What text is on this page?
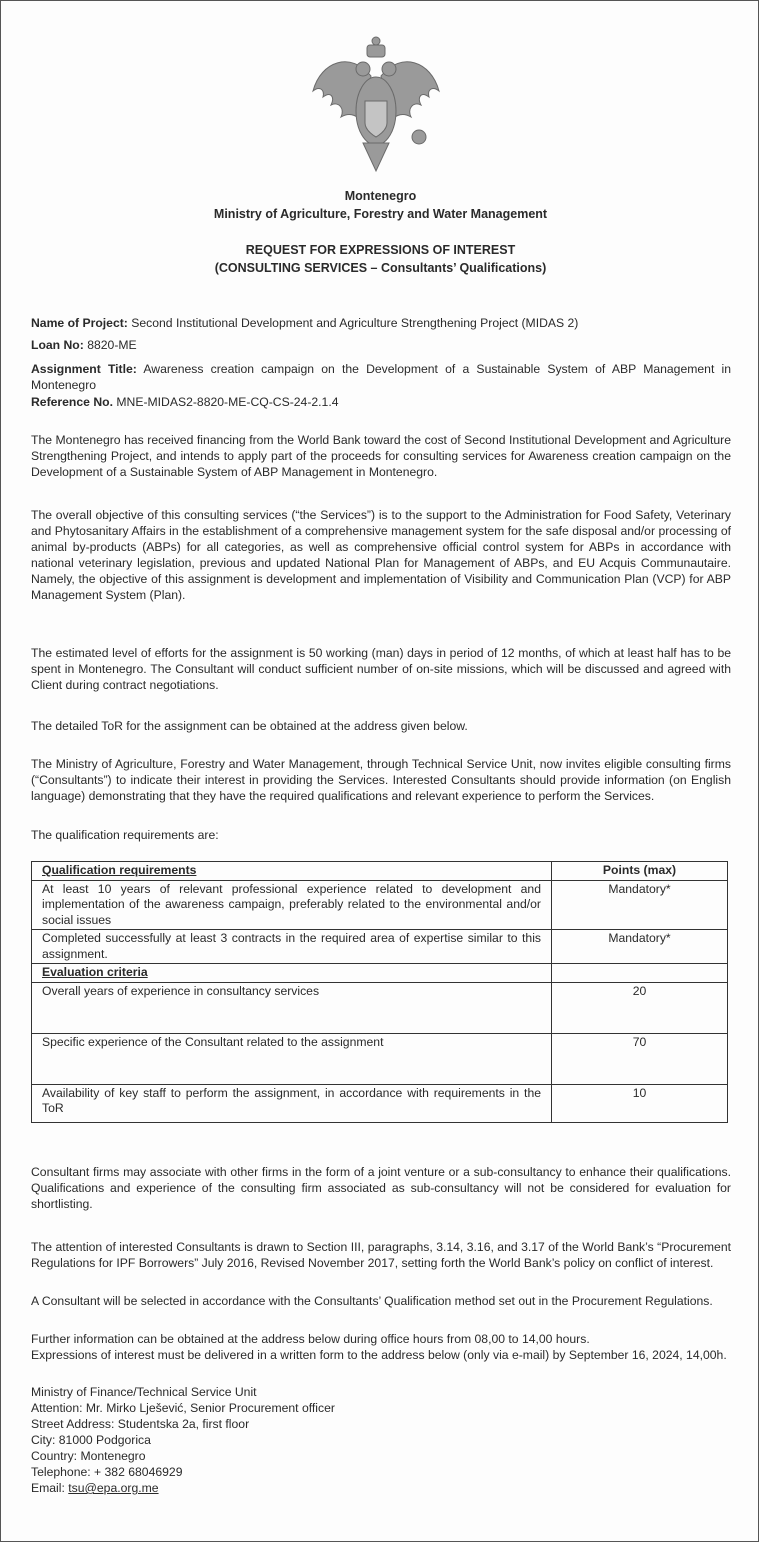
Montenegro
Ministry of Agriculture, Forestry and Water Management
REQUEST FOR EXPRESSIONS OF INTEREST
(CONSULTING SERVICES – Consultants’ Qualifications)
Name of Project: Second Institutional Development and Agriculture Strengthening Project (MIDAS 2)
Loan No: 8820-ME
Assignment Title: Awareness creation campaign on the Development of a Sustainable System of ABP Management in Montenegro
Reference No. MNE-MIDAS2-8820-ME-CQ-CS-24-2.1.4
The Montenegro has received financing from the World Bank toward the cost of Second Institutional Development and Agriculture Strengthening Project, and intends to apply part of the proceeds for consulting services for Awareness creation campaign on the Development of a Sustainable System of ABP Management in Montenegro.
The overall objective of this consulting services (“the Services”) is to the support to the Administration for Food Safety, Veterinary and Phytosanitary Affairs in the establishment of a comprehensive management system for the safe disposal and/or processing of animal by-products (ABPs) for all categories, as well as comprehensive official control system for ABPs in accordance with national veterinary legislation, previous and updated National Plan for Management of ABPs, and EU Acquis Communautaire. Namely, the objective of this assignment is development and implementation of Visibility and Communication Plan (VCP) for ABP Management System (Plan).
The estimated level of efforts for the assignment is 50 working (man) days in period of 12 months, of which at least half has to be spent in Montenegro. The Consultant will conduct sufficient number of on-site missions, which will be discussed and agreed with Client during contract negotiations.
The detailed ToR for the assignment can be obtained at the address given below.
The Ministry of Agriculture, Forestry and Water Management, through Technical Service Unit, now invites eligible consulting firms (“Consultants”) to indicate their interest in providing the Services. Interested Consultants should provide information (on English language) demonstrating that they have the required qualifications and relevant experience to perform the Services.
The qualification requirements are:
Qualification requirements	Points (max)
At least 10 years of relevant professional experience related to development and implementation of the awareness campaign, preferably related to the environmental and/or social issues	Mandatory*
Completed successfully at least 3 contracts in the required area of expertise similar to this assignment.	Mandatory*
Evaluation criteria	
Overall years of experience in consultancy services	20
Specific experience of the Consultant related to the assignment	70
Availability of key staff to perform the assignment, in accordance with requirements in the ToR	10
Consultant firms may associate with other firms in the form of a joint venture or a sub-consultancy to enhance their qualifications. Qualifications and experience of the consulting firm associated as sub-consultancy will not be considered for evaluation for shortlisting.
The attention of interested Consultants is drawn to Section III, paragraphs, 3.14, 3.16, and 3.17 of the World Bank’s “Procurement Regulations for IPF Borrowers” July 2016, Revised November 2017, setting forth the World Bank’s policy on conflict of interest.
A Consultant will be selected in accordance with the Consultants’ Qualification method set out in the Procurement Regulations.
Further information can be obtained at the address below during office hours from 08,00 to 14,00 hours.
Expressions of interest must be delivered in a written form to the address below (only via e-mail) by September 16, 2024, 14,00h.
Ministry of Finance/Technical Service Unit
Attention: Mr. Mirko Lješević, Senior Procurement officer
Street Address: Studentska 2a, first floor
City: 81000 Podgorica
Country: Montenegro
Telephone: + 382 68046929
Email: tsu@epa.org.me
